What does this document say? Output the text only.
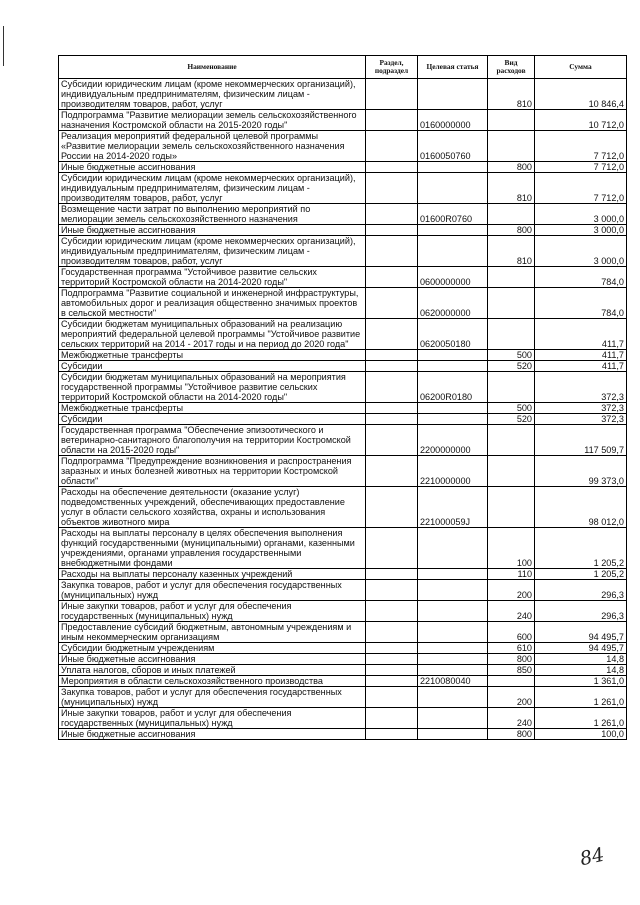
Наименование	Раздел, подраздел	Целевая статья	Вид расходов	Сумма
Субсидии юридическим лицам (кроме некоммерческих организаций), индивидуальным предпринимателям, физическим лицам - производителям товаров, работ, услуг			810	10 846,4
Подпрограмма "Развитие мелиорации земель сельскохозяйственного назначения Костромской области на 2015-2020 годы"		0160000000		10 712,0
Реализация мероприятий федеральной целевой программы «Развитие мелиорации земель сельскохозяйственного назначения России на 2014-2020 годы»		0160050760		7 712,0
Иные бюджетные ассигнования			800	7 712,0
Субсидии юридическим лицам (кроме некоммерческих организаций), индивидуальным предпринимателям, физическим лицам - производителям товаров, работ, услуг			810	7 712,0
Возмещение части затрат по выполнению мероприятий по мелиорации земель сельскохозяйственного назначения		01600R0760		3 000,0
Иные бюджетные ассигнования			800	3 000,0
Субсидии юридическим лицам (кроме некоммерческих организаций), индивидуальным предпринимателям, физическим лицам - производителям товаров, работ, услуг			810	3 000,0
Государственная программа "Устойчивое развитие сельских территорий Костромской области на 2014-2020 годы"		0600000000		784,0
Подпрограмма "Развитие социальной и инженерной инфраструктуры, автомобильных дорог и реализация общественно значимых проектов в сельской местности"		0620000000		784,0
Субсидии бюджетам муниципальных образований на реализацию мероприятий федеральной целевой программы "Устойчивое развитие сельских территорий на 2014 - 2017 годы и на период до 2020 года"		0620050180		411,7
Межбюджетные трансферты			500	411,7
Субсидии			520	411,7
Субсидии бюджетам муниципальных образований на мероприятия государственной программы "Устойчивое развитие сельских территорий Костромской области на 2014-2020 годы"		06200R0180		372,3
Межбюджетные трансферты			500	372,3
Субсидии			520	372,3
Государственная программа "Обеспечение эпизоотического и ветеринарно-санитарного благополучия на территории Костромской области на 2015-2020 годы"		2200000000		117 509,7
Подпрограмма "Предупреждение возникновения и распространения заразных и иных болезней животных на территории Костромской области"		2210000000		99 373,0
Расходы на обеспечение деятельности (оказание услуг) подведомственных учреждений, обеспечивающих предоставление услуг в области сельского хозяйства, охраны и использования объектов животного мира		221000059J		98 012,0
Расходы на выплаты персоналу в целях обеспечения выполнения функций государственными (муниципальными) органами, казенными учреждениями, органами управления государственными внебюджетными фондами			100	1 205,2
Расходы на выплаты персоналу казенных учреждений			110	1 205,2
Закупка товаров, работ и услуг для обеспечения государственных (муниципальных) нужд			200	296,3
Иные закупки товаров, работ и услуг для обеспечения государственных (муниципальных) нужд			240	296,3
Предоставление субсидий бюджетным, автономным учреждениям и иным некоммерческим организациям			600	94 495,7
Субсидии бюджетным учреждениям			610	94 495,7
Иные бюджетные ассигнования			800	14,8
Уплата налогов, сборов и иных платежей			850	14,8
Мероприятия в области сельскохозяйственного производства		2210080040		1 361,0
Закупка товаров, работ и услуг для обеспечения государственных (муниципальных) нужд			200	1 261,0
Иные закупки товаров, работ и услуг для обеспечения государственных (муниципальных) нужд			240	1 261,0
Иные бюджетные ассигнования			800	100,0
84
